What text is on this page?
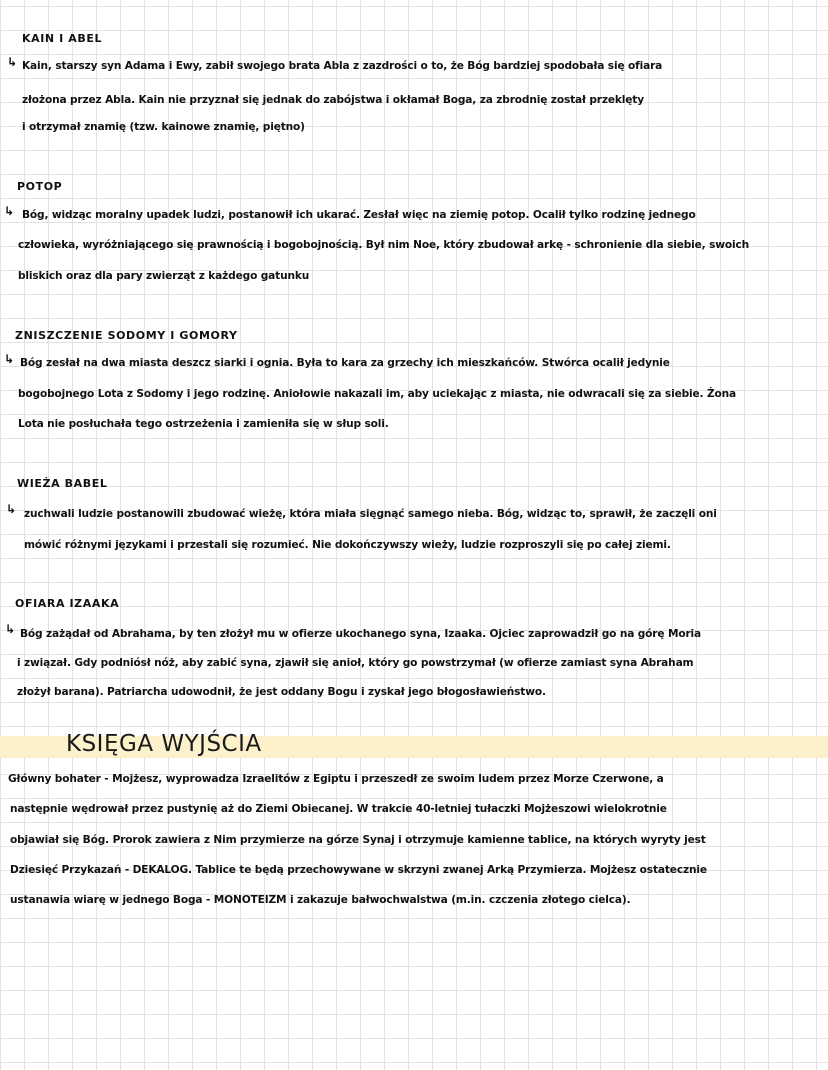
KAIN I ABEL
↳ Kain, starszy syn Adama i Ewy, zabił swojego brata Abla z zazdrości o to, że Bóg bardziej spodobała się ofiara
złożona przez Abla. Kain nie przyznał się jednak do zabójstwa i okłamał Boga, za zbrodnię został przeklęty
i otrzymał znamię (tzw. kainowe znamię, piętno)
POTOP
↳ Bóg, widząc moralny upadek ludzi, postanowił ich ukarać. Zesłał więc na ziemię potop. Ocalił tylko rodzinę jednego
człowieka, wyróżniającego się prawnością i bogobojnością. Był nim Noe, który zbudował arkę - schronienie dla siebie, swoich
bliskich oraz dla pary zwierząt z każdego gatunku
ZNISZCZENIE SODOMY I GOMORY
↳ Bóg zesłał na dwa miasta deszcz siarki i ognia. Była to kara za grzechy ich mieszkańców. Stwórca ocalił jedynie
bogobojnego Lota z Sodomy i jego rodzinę. Aniołowie nakazali im, aby uciekając z miasta, nie odwracali się za siebie. Żona
Lota nie posłuchała tego ostrzeżenia i zamieniła się w słup soli.
WIEŻA BABEL
↳ zuchwali ludzie postanowili zbudować wieżę, która miała sięgnąć samego nieba. Bóg, widząc to, sprawił, że zaczęli oni
mówić różnymi językami i przestali się rozumieć. Nie dokończywszy wieży, ludzie rozproszyli się po całej ziemi.
OFIARA IZAAKA
↳ Bóg zażądał od Abrahama, by ten złożył mu w ofierze ukochanego syna, Izaaka. Ojciec zaprowadził go na górę Moria
i związał. Gdy podniósł nóż, aby zabić syna, zjawił się anioł, który go powstrzymał (w ofierze zamiast syna Abraham
złożył barana). Patriarcha udowodnił, że jest oddany Bogu i zyskał jego błogosławieństwo.
KSIĘGA WYJŚCIA
Główny bohater - Mojżesz, wyprowadza Izraelitów z Egiptu i przeszedł ze swoim ludem przez Morze Czerwone, a
następnie wędrował przez pustynię aż do Ziemi Obiecanej. W trakcie 40-letniej tułaczki Mojżeszowi wielokrotnie
objawiał się Bóg. Prorok zawiera z Nim przymierze na górze Synaj i otrzymuje kamienne tablice, na których wyryty jest
Dziesięć Przykazań - DEKALOG. Tablice te będą przechowywane w skrzyni zwanej Arką Przymierza. Mojżesz ostatecznie
ustanawia wiarę w jednego Boga - MONOTEIZM i zakazuje bałwochwalstwa (m.in. czczenia złotego cielca).
